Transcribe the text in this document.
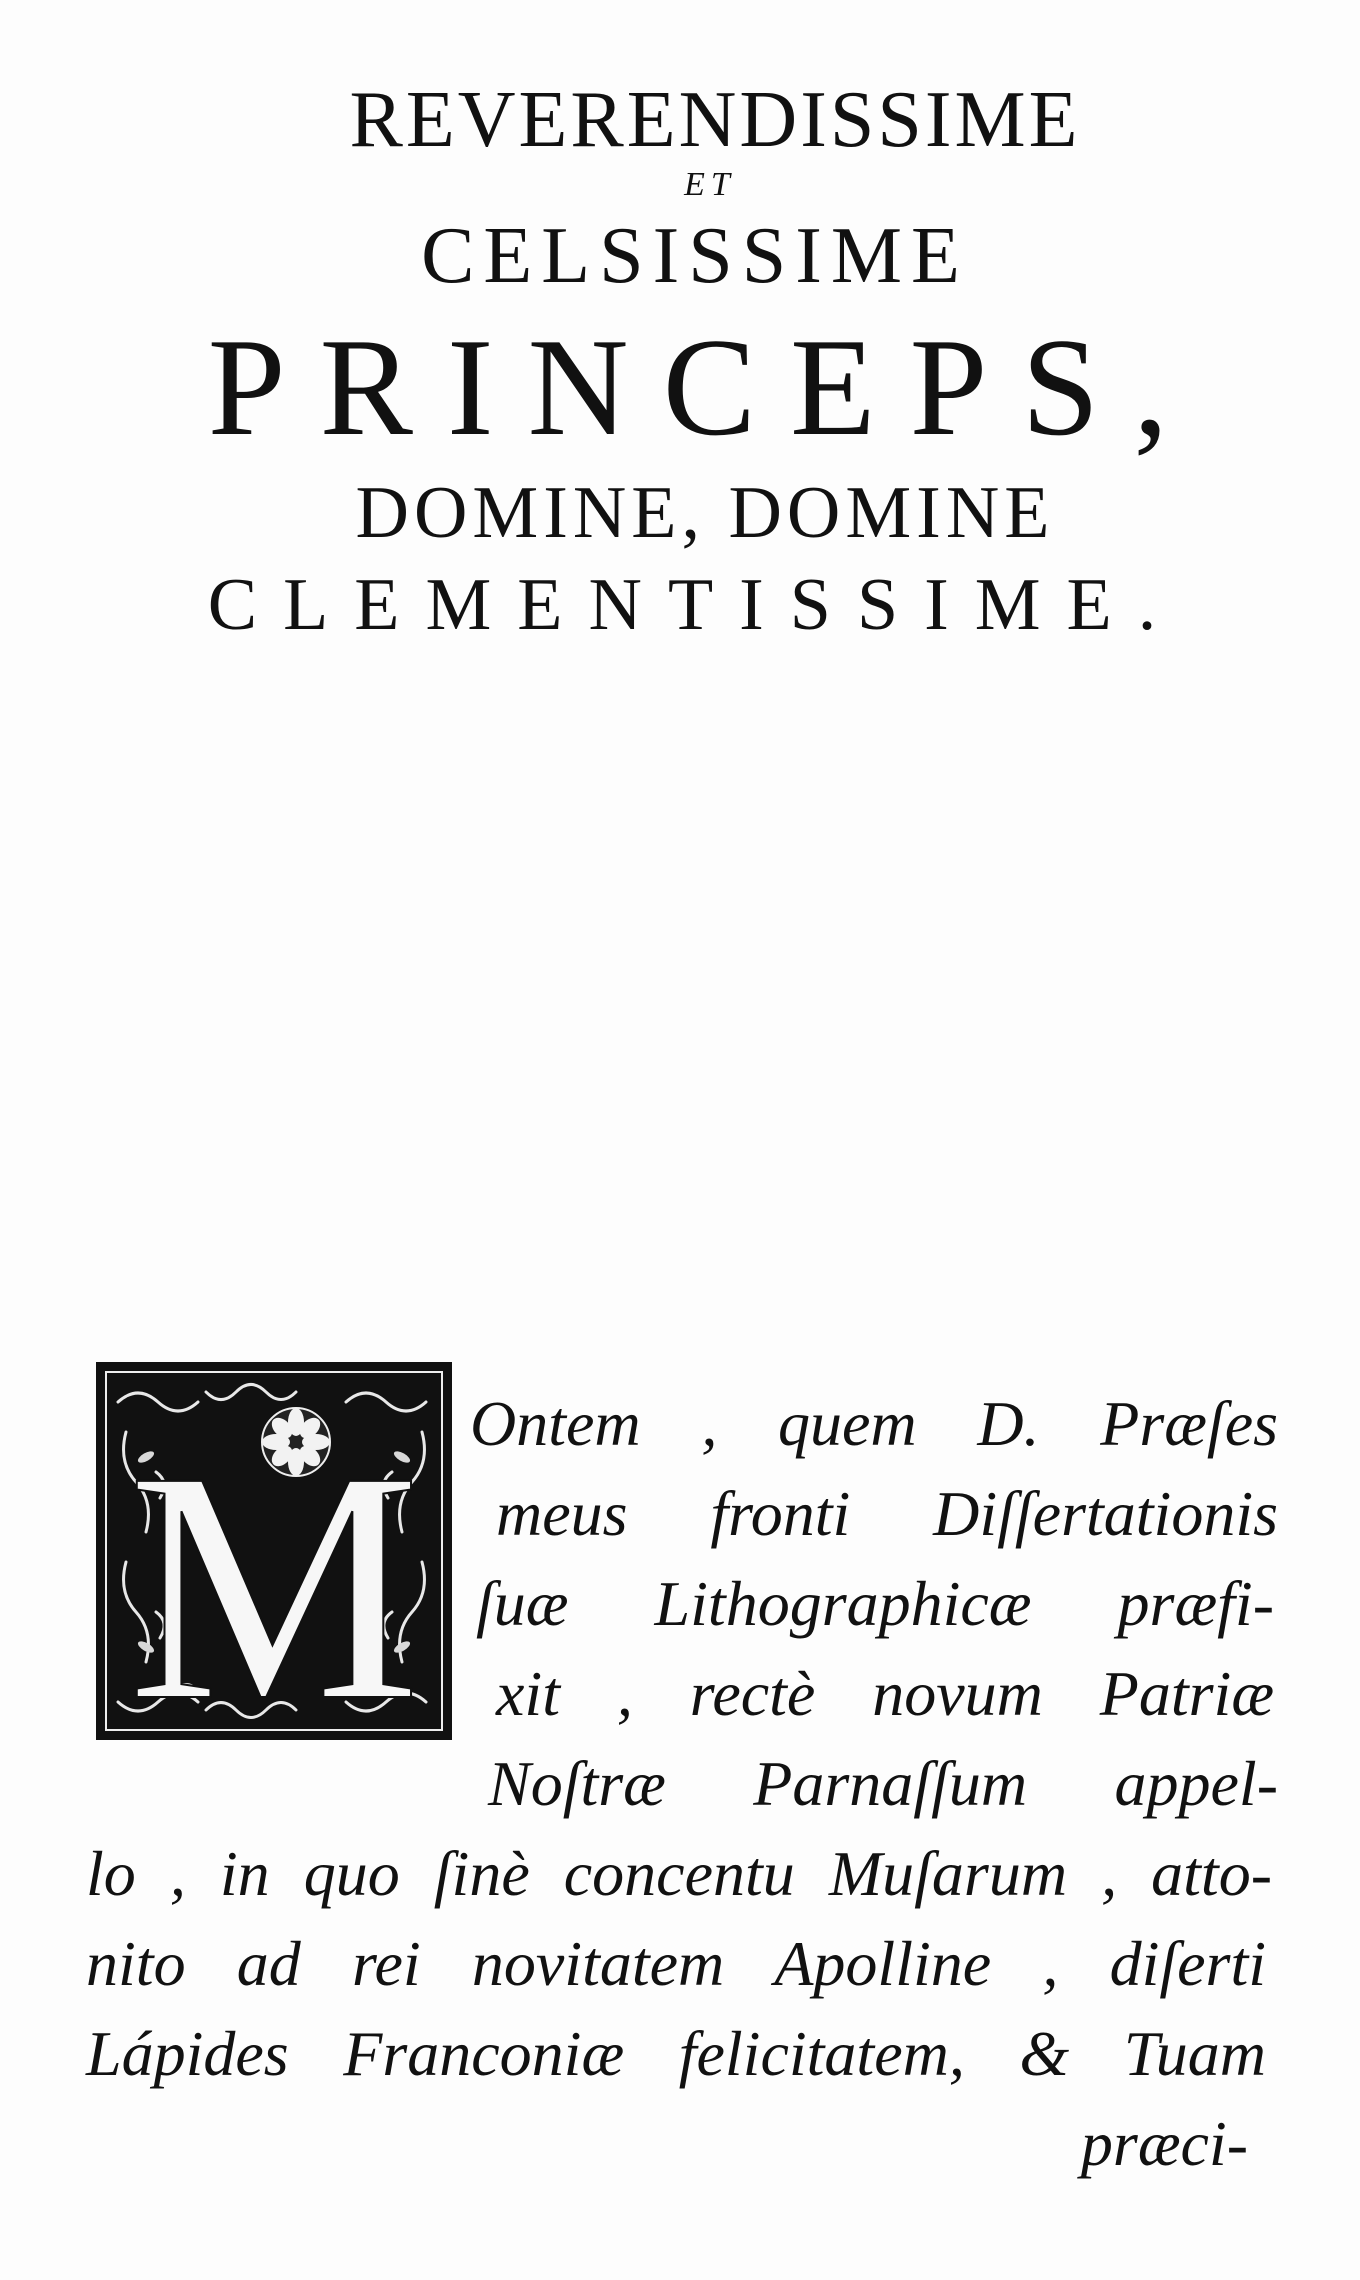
REVERENDISSIME
ET
CELSISSIME
PRINCEPS,
DOMINE, DOMINE
CLEMENTISSIME.
M Ontem , quem D. Præſes
meus fronti Diſſertationis
ſuæ Lithographicæ præfi-
xit , rectè novum Patriæ
Noſtræ Parnaſſum appel-
lo , in quo ſinè concentu Muſarum , atto-
nito ad rei novitatem Apolline , diſerti
Lápides Franconiæ felicitatem, & Tuam
præci-
